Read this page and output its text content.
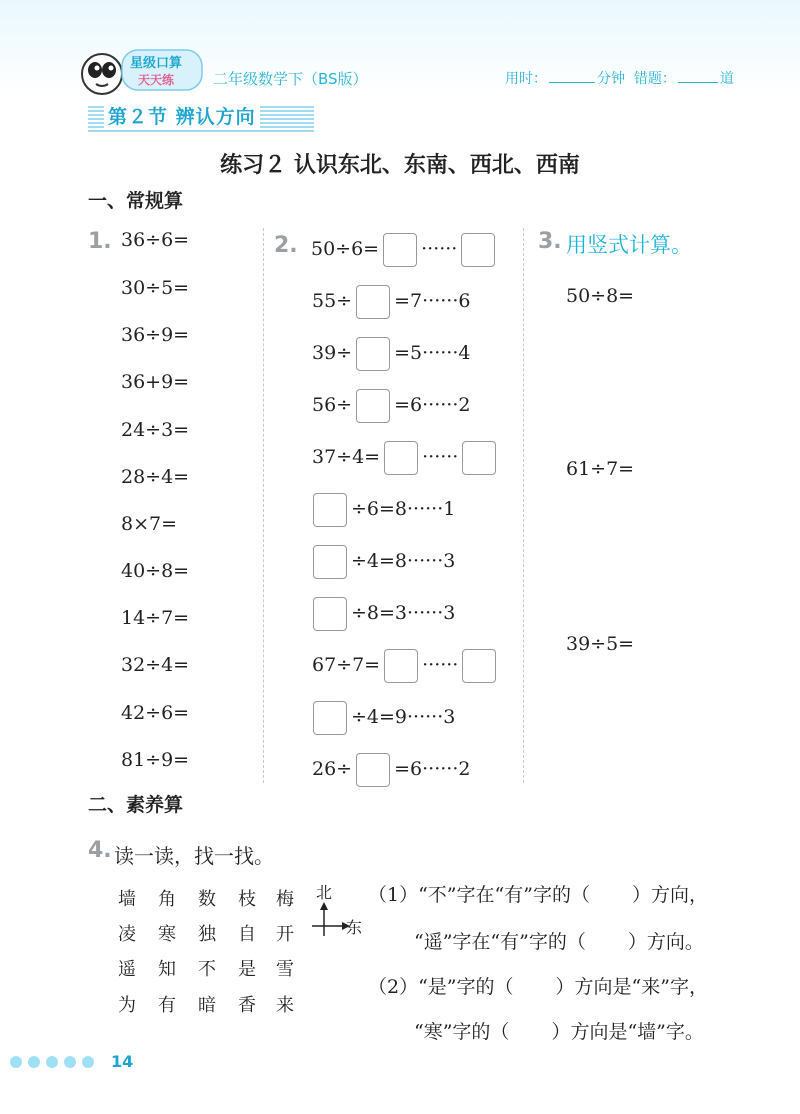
星级口算
天天练	二年级数学下（BS版）	用时：	分钟 错题：	道
第２节 辨认方向
练习２ 认识东北、东南、西北、西南
一、常规算
1. 36÷6=
30÷5=
36÷9=
36+9=
24÷3=
28÷4=
8×7=
40÷8=
14÷7=
32÷4=
42÷6=
81÷9=
2. 50÷6= ······
55÷ =7······6
39÷ =5······4
56÷ =6······2
37÷4= ······
÷6=8······1
÷4=8······3
÷8=3······3
67÷7= ······
÷4=9······3
26÷ =6······2
3. 用竖式计算。
50÷8=
61÷7=
39÷5=
二、素养算
4. 读一读，找一找。
墙	角	数	枝	梅
凌	寒	独	自	开
遥	知	不	是	雪
为	有	暗	香	来
北
东
（1）“不”字在“有”字的（ ）方向，
“遥”字在“有”字的（ ）方向。
（2）“是”字的（ ）方向是“来”字，
“寒”字的（ ）方向是“墙”字。
14
